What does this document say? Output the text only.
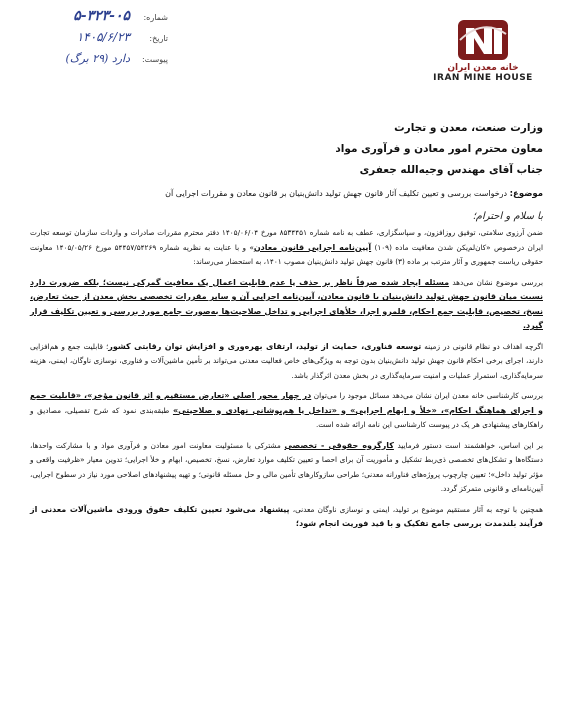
شماره:
۵-۳۲۳-۰۵
تاریخ:
۱۴۰۵/۶/۲۳
پیوست:
دارد (۲۹ برگ)
خانه معدن ایران
IRAN MINE HOUSE

وزارت صنعت، معدن و تجارت

معاون محترم امور معادن و فرآوری مواد

جناب آقای مهندس وجیه‌الله جعفری

موضوع: درخواست بررسی و تعیین تکلیف آثار قانون جهش تولید دانش‌بنیان بر قانون معادن و مقررات اجرایی آن
با سلام و احترام؛

ضمن آرزوی سلامتی، توفیق روزافزون، و سپاسگزاری، عطف به نامه شماره ۸۵۳۴۴۵۱ مورخ ۱۴۰۵/۰۶/۰۴ دفتر محترم مقررات صادرات و واردات سازمان توسعه تجارت ایران درخصوص «کان‌لم‌یکن شدن معافیت ماده (۱۰۹) آیین‌نامه اجرایی قانون معادن» و با عنایت به نظریه شماره ۵۴۴۵۷/۵۴۲۶۹ مورخ ۱۴۰۵/۰۵/۲۶ معاونت حقوقی ریاست جمهوری و آثار مترتب بر ماده (۳) قانون جهش تولید دانش‌بنیان مصوب ۱۴۰۱، به استحضار می‌رساند:

بررسی موضوع نشان می‌دهد مسئله ایجاد شده صرفاً ناظر بر حذف یا عدم قابلیت اعمال یک معافیت گمرکی نیست؛ بلکه ضرورت دارد نسبت میان قانون جهش تولید دانش‌بنیان با قانون معادن، آیین‌نامه اجرایی آن و سایر مقررات تخصصی بخش معدن از حیث تعارض، نسخ، تخصیص، قابلیت جمع احکام، قلمرو اجرا، خلأهای اجرایی و تداخل صلاحیت‌ها به‌صورت جامع مورد بررسی و تعیین تکلیف قرار گیرد.

اگرچه اهداف دو نظام قانونی در زمینه توسعه فناوری، حمایت از تولید، ارتقای بهره‌وری و افزایش توان رقابتی کشور؛ قابلیت جمع و هم‌افزایی دارند، اجرای برخی احکام قانون جهش تولید دانش‌بنیان بدون توجه به ویژگی‌های خاص فعالیت معدنی می‌تواند بر تأمین ماشین‌آلات و فناوری، نوسازی ناوگان، ایمنی، هزینه سرمایه‌گذاری، استمرار عملیات و امنیت سرمایه‌گذاری در بخش معدن اثرگذار باشد.

بررسی کارشناسی خانه معدن ایران نشان می‌دهد مسائل موجود را می‌توان در چهار محور اصلی «تعارض مستقیم و اثر قانون مؤخر»، «قابلیت جمع و اجرای هماهنگ احکام»، «خلأ و ابهام اجرایی» و «تداخل یا هم‌پوشانی نهادی و صلاحیتی» طبقه‌بندی نمود که شرح تفصیلی، مصادیق و راهکارهای پیشنهادی هر یک در پیوست کارشناسی این نامه ارائه شده است.

بر این اساس، خواهشمند است دستور فرمایید کارگروه حقوقی - تخصصی مشترکی با مسئولیت معاونت امور معادن و فرآوری مواد و با مشارکت واحدها، دستگاه‌ها و تشکل‌های تخصصی ذی‌ربط تشکیل و مأموریت آن برای احصا و تعیین تکلیف موارد تعارض، نسخ، تخصیص، ابهام و خلأ اجرایی؛ تدوین معیار «ظرفیت واقعی و مؤثر تولید داخل»؛ تعیین چارچوب پروژه‌های فناورانه معدنی؛ طراحی سازوکارهای تأمین مالی و حل مسئله قانونی؛ و تهیه پیشنهادهای اصلاحی مورد نیاز در سطوح اجرایی، آیین‌نامه‌ای و قانونی متمرکز گردد.

همچنین با توجه به آثار مستقیم موضوع بر تولید، ایمنی و نوسازی ناوگان معدنی، پیشنهاد می‌شود تعیین تکلیف حقوق ورودی ماشین‌آلات معدنی از فرآیند بلندمدت بررسی جامع تفکیک و با قید فوریت انجام شود؛
